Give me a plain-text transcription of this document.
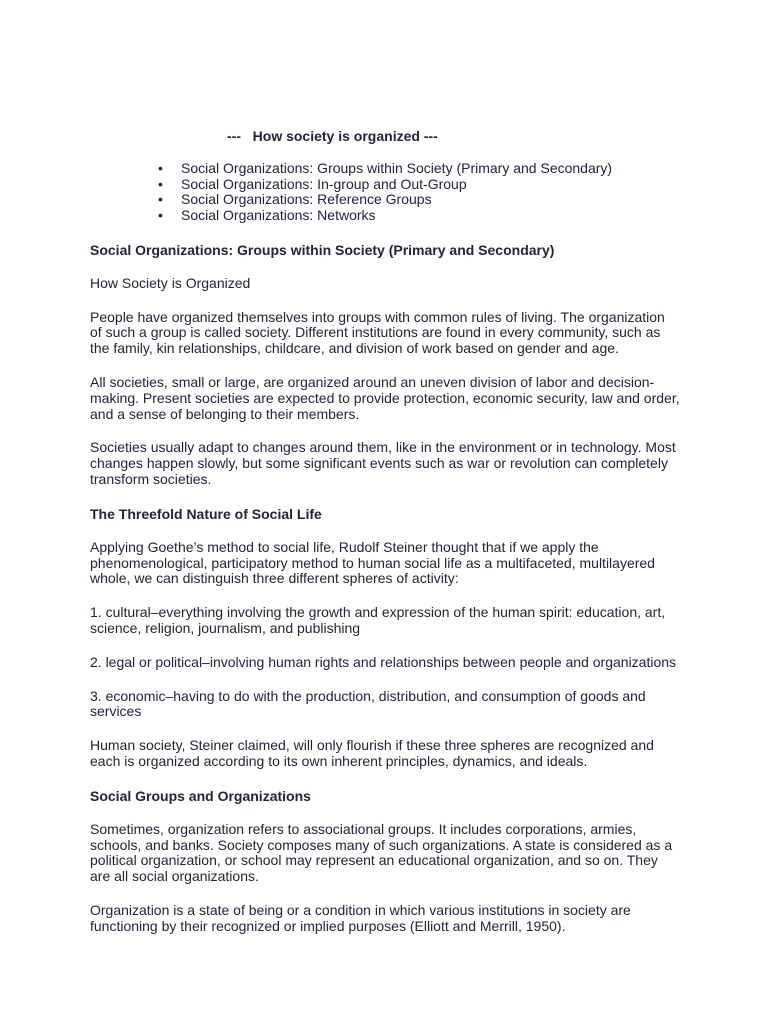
---   How society is organized ---
• Social Organizations: Groups within Society (Primary and Secondary)
• Social Organizations: In-group and Out-Group
• Social Organizations: Reference Groups
• Social Organizations: Networks
Social Organizations: Groups within Society (Primary and Secondary)

How Society is Organized

People have organized themselves into groups with common rules of living. The organization of such a group is called society. Different institutions are found in every community, such as the family, kin relationships, childcare, and division of work based on gender and age.

All societies, small or large, are organized around an uneven division of labor and decision-making. Present societies are expected to provide protection, economic security, law and order, and a sense of belonging to their members.

Societies usually adapt to changes around them, like in the environment or in technology. Most changes happen slowly, but some significant events such as war or revolution can completely transform societies.

The Threefold Nature of Social Life

Applying Goethe’s method to social life, Rudolf Steiner thought that if we apply the phenomenological, participatory method to human social life as a multifaceted, multilayered whole, we can distinguish three different spheres of activity:

1. cultural–everything involving the growth and expression of the human spirit: education, art, science, religion, journalism, and publishing

2. legal or political–involving human rights and relationships between people and organizations

3. economic–having to do with the production, distribution, and consumption of goods and services

Human society, Steiner claimed, will only flourish if these three spheres are recognized and each is organized according to its own inherent principles, dynamics, and ideals.

Social Groups and Organizations

Sometimes, organization refers to associational groups. It includes corporations, armies, schools, and banks. Society composes many of such organizations. A state is considered as a political organization, or school may represent an educational organization, and so on. They are all social organizations.

Organization is a state of being or a condition in which various institutions in society are functioning by their recognized or implied purposes (Elliott and Merrill, 1950).
